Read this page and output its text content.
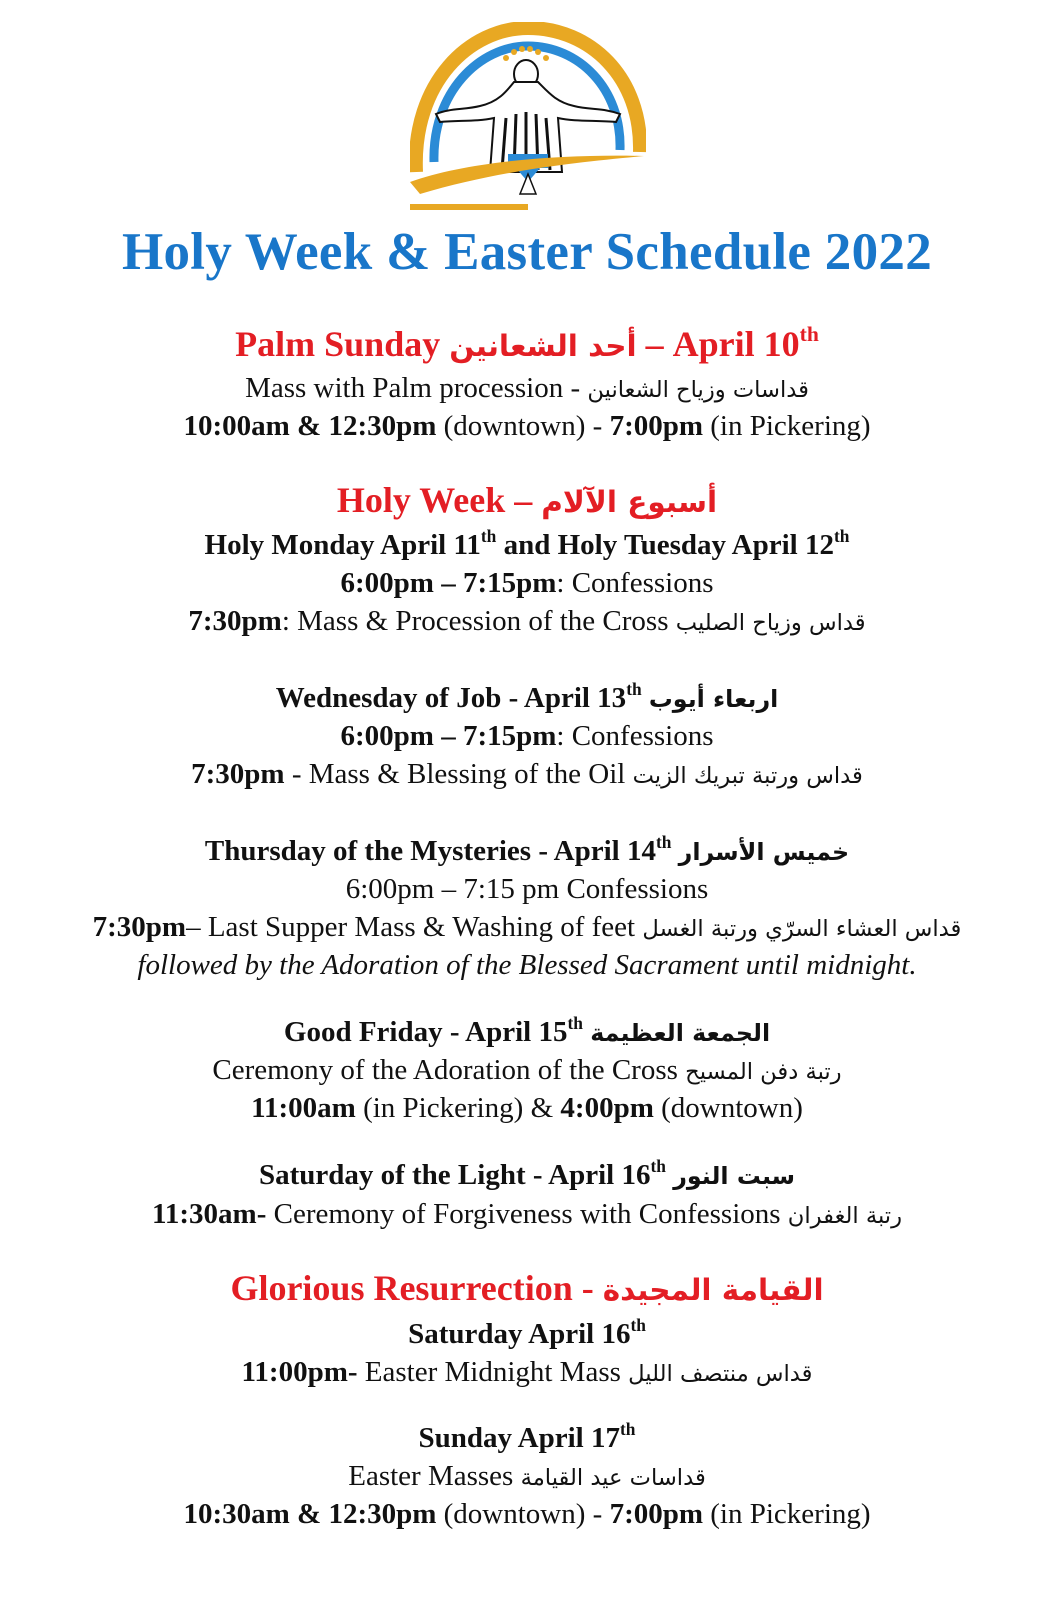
Holy Week & Easter Schedule 2022
Palm Sunday أحد الشعانين – April 10th
Mass with Palm procession - قداسات وزياح الشعانين
10:00am & 12:30pm (downtown) - 7:00pm (in Pickering)
Holy Week – أسبوع الآلام
Holy Monday April 11th and Holy Tuesday April 12th
6:00pm – 7:15pm: Confessions
7:30pm: Mass & Procession of the Cross قداس وزياح الصليب
Wednesday of Job - April 13th اربعاء أيوب
6:00pm – 7:15pm: Confessions
7:30pm - Mass & Blessing of the Oil قداس ورتبة تبريك الزيت
Thursday of the Mysteries - April 14th خميس الأسرار
6:00pm – 7:15 pm Confessions
7:30pm– Last Supper Mass & Washing of feet قداس العشاء السرّي ورتبة الغسل
followed by the Adoration of the Blessed Sacrament until midnight.
Good Friday - April 15th الجمعة العظيمة
Ceremony of the Adoration of the Cross رتبة دفن المسيح
11:00am (in Pickering) & 4:00pm (downtown)
Saturday of the Light - April 16th سبت النور
11:30am- Ceremony of Forgiveness with Confessions رتبة الغفران
Glorious Resurrection - القيامة المجيدة
Saturday April 16th
11:00pm- Easter Midnight Mass قداس منتصف الليل
Sunday April 17th
Easter Masses قداسات عيد القيامة
10:30am & 12:30pm (downtown) - 7:00pm (in Pickering)
